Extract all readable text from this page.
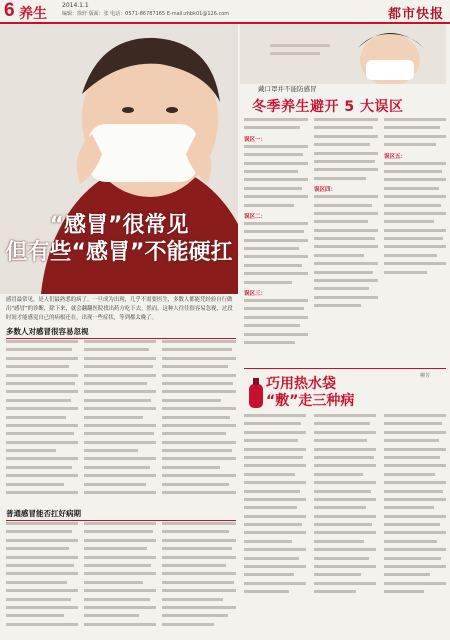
6 养生	2014.1.1
编辑：徐轩 版面：张 电话：0571-86787165 E-mail:zhbk01@126.com	都市快报
“感冒”很常见
但有些“感冒”不能硬扛
感冒最常见，是人们最熟悉的病了。一旦成为出现，几乎不需要医生，多数人都能凭经验自行做出“感冒”的诊断，除下来，就会翻翻医院找出药方吃下去。然而，这种人往往很容易忽视，过段时间才能感觉自己的病根还在，出现一些症状，等到都太晚了。
多数人对感冒很容易忽视
普通感冒能否扛好病期
戴口罩并不能防感冒
冬季养生避开 5 大误区
误区一：
误区二：
误区三：
误区四：
误区五：
巧用热水袋
“敷”走三种病
柳芳
